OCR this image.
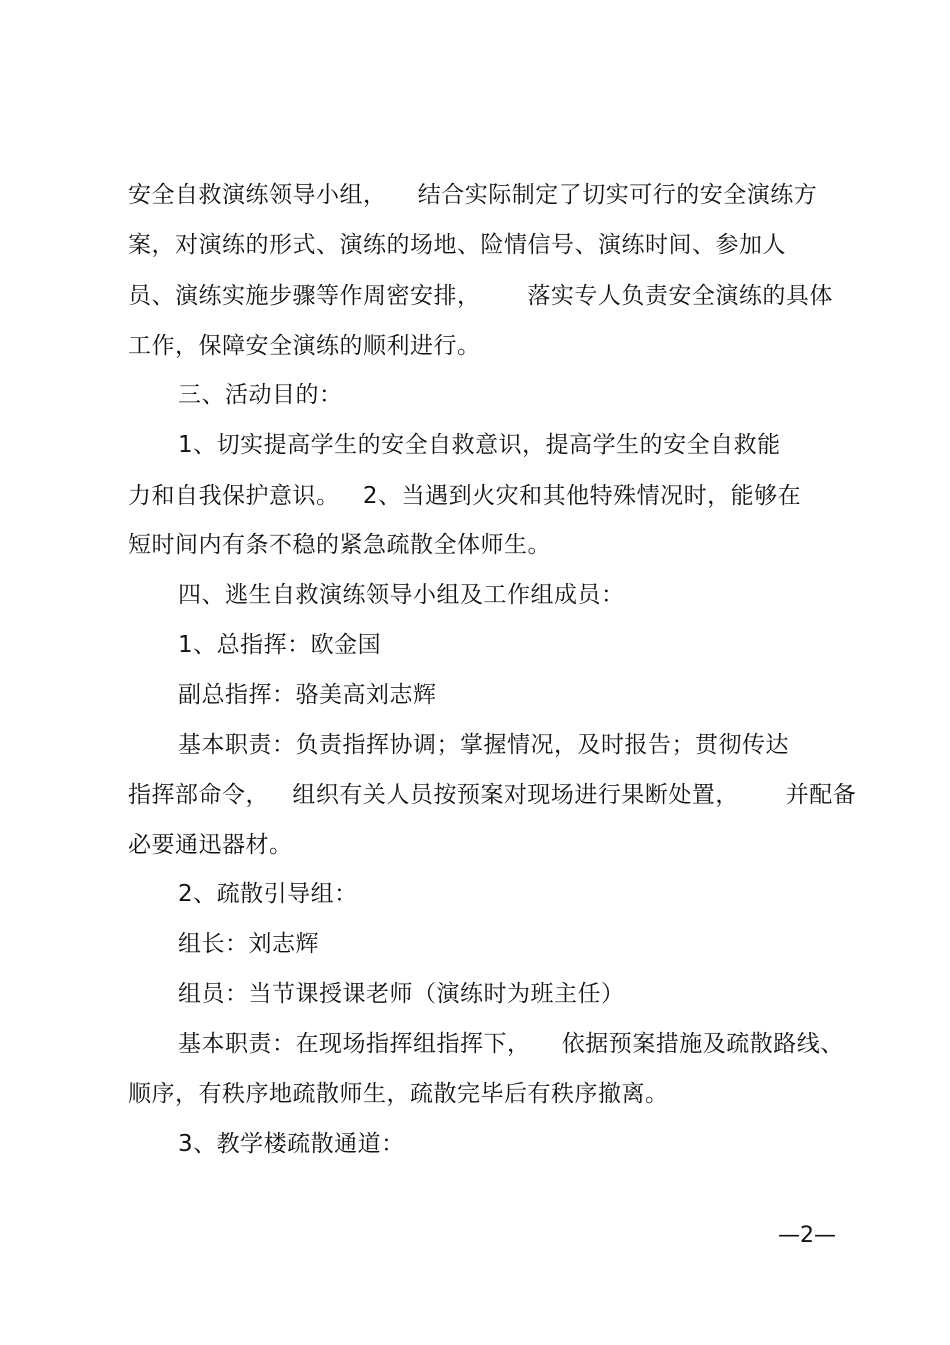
安全自救演练领导小组，    结合实际制定了切实可行的安全演练方
案，对演练的形式、演练的场地、险情信号、演练时间、参加人
员、演练实施步骤等作周密安排，      落实专人负责安全演练的具体
工作，保障安全演练的顺利进行。
三、活动目的：
1、切实提高学生的安全自救意识，提高学生的安全自救能
力和自我保护意识。   2、当遇到火灾和其他特殊情况时，能够在
短时间内有条不稳的紧急疏散全体师生。
四、逃生自救演练领导小组及工作组成员：
1、总指挥：欧金国
副总指挥：骆美高刘志辉
基本职责：负责指挥协调；掌握情况，及时报告；贯彻传达
指挥部命令，   组织有关人员按预案对现场进行果断处置，      并配备
必要通迅器材。
2、疏散引导组：
组长：刘志辉
组员：当节课授课老师（演练时为班主任）
基本职责：在现场指挥组指挥下，    依据预案措施及疏散路线、
顺序，有秩序地疏散师生，疏散完毕后有秩序撤离。
3、教学楼疏散通道：
—2—
